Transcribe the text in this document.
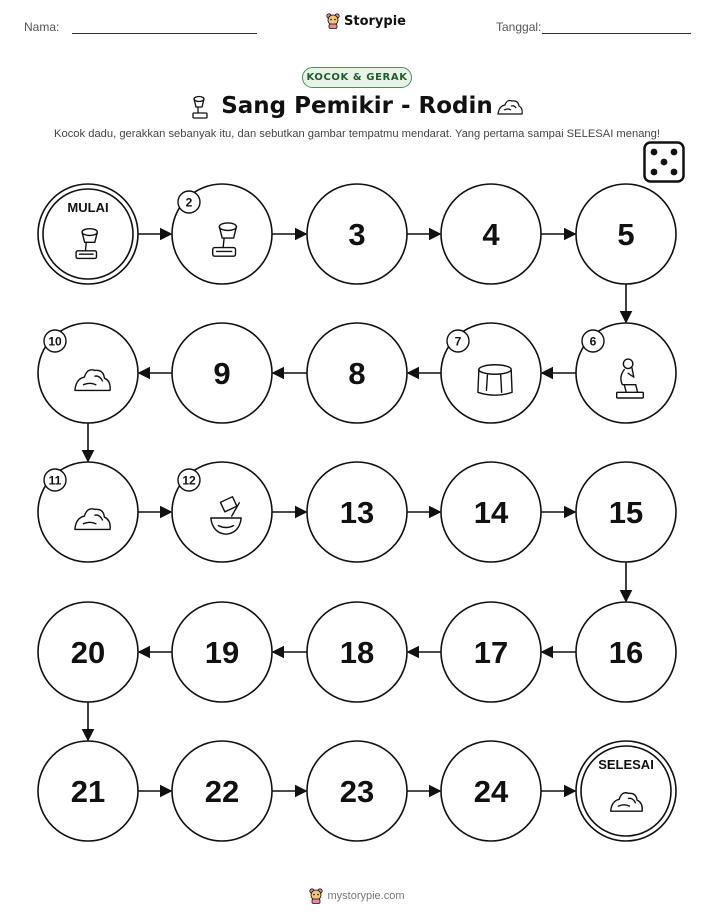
Nama:	Storypie	Tanggal:
KOCOK & GERAK
Sang Pemikir - Rodin
Kocok dadu, gerakkan sebanyak itu, dan sebutkan gambar tempatmu mendarat. Yang pertama sampai SELESAI menang!
MULAI	2
3	4	5
6
7
8
9
10
11	12
13	14	15
16
17
18
19
20
21	22	23	24
SELESAI
mystorypie.com
